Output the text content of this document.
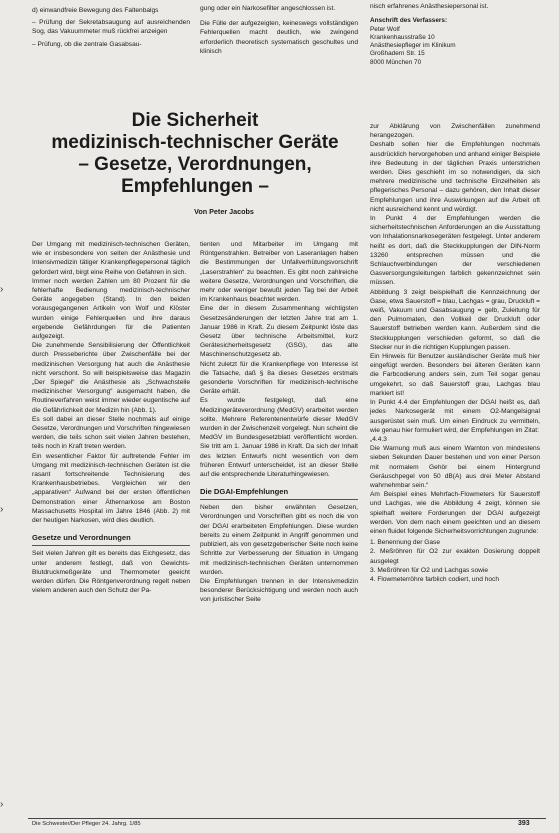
d) einwandfreie Bewegung des Faltenbalgs

– Prüfung der Sekretabsaugung auf ausreichenden Sog, das Vakuummeter muß rückfrei anzeigen

– Prüfung, ob die zentrale Gasabsau-

gung oder ein Narkosefilter angeschlossen ist.

Die Fülle der aufgezeigten, keineswegs vollständigen Fehlerquellen macht deutlich, wie zwingend erforderlich theoretisch systematisch geschultes und klinisch

nisch erfahrenes Anästhesiepersonal ist.

Anschrift des Verfassers:
Peter Wolf
Krankenhausstraße 10
Anästhesiepfleger im Klinikum
Großhadern Str. 15
8000 München 70
Die Sicherheit
medizinisch-technischer Geräte
– Gesetze, Verordnungen,
Empfehlungen –
Von Peter Jacobs

Der Umgang mit medizinisch-technischen Geräten, wie er insbesondere von seiten der Anästhesie und Intensivmedizin tätiger Krankenpflegepersonal täglich gefordert wird, birgt eine Reihe von Gefahren in sich.

Immer noch werden Zahlen um 80 Prozent für die fehlerhafte Bedienung medizinisch-technischer Geräte angegeben (Stand). In den beiden vorausgegangenen Artikeln von Wolf und Klöster wurden einige Fehlerquellen und ihre daraus ergebende Gefährdungen für die Patienten aufgezeigt.

Die zunehmende Sensibilisierung der Öffentlichkeit durch Presseberichte über Zwischenfälle bei der medizinischen Versorgung hat auch die Anästhesie nicht verschont. So will beispielsweise das Magazin „Der Spiegel“ die Anästhesie als „Schwachstelle medizinischer Versorgung“ ausgemacht haben, die Routineverfahren weist immer wieder eugentische auf die Gefährlichkeit der Medizin hin (Abb. 1).

Es soll dabei an dieser Stelle nochmals auf einige Gesetze, Verordnungen und Vorschriften hingewiesen werden, die teils schon seit vielen Jahren bestehen, teils noch in Kraft treten werden.

Ein wesentlicher Faktor für auftretende Fehler im Umgang mit medizinisch-technischen Geräten ist die rasant fortschreitende Technisierung des Krankenhausbetriebes. Vergleichen wir den „apparativen“ Aufwand bei der ersten öffentlichen Demonstration einer Äthernarkose am Boston Massachusetts Hospital im Jahre 1846 (Abb. 2) mit der heutigen Narkosen, wird dies deutlich.

Gesetze und Verordnungen

Seit vielen Jahren gilt es bereits das Eichgesetz, das unter anderem festlegt, daß von Gewichts- Blutdruckmeßgeräte und Thermometer geeicht werden dürfen. Die Röntgenverordnung regelt neben vielem anderen auch den Schutz der Pa-

tienten und Mitarbeiter im Umgang mit Röntgenstrahlen. Betreiber von Laseranlagen haben die Bestimmungen der Unfallverhütungsvorschrift „Laserstrahlen“ zu beachten. Es gibt noch zahlreiche weitere Gesetze, Verordnungen und Vorschriften, die mehr oder weniger bewußt jeden Tag bei der Arbeit im Krankenhaus beachtet werden.

Eine der in diesem Zusammenhang wichtigsten Gesetzesänderungen der letzten Jahre trat am 1. Januar 1986 in Kraft. Zu diesem Zeitpunkt löste das Gesetz über technische Arbeitsmittel, kurz Gerätesicherheitsgesetz (GSG), das alte Maschinenschutzgesetz ab.

Nicht zuletzt für die Krankenpflege von Interesse ist die Tatsache, daß § 8a dieses Gesetzes erstmals gesonderte Vorschriften für medizinisch-technische Geräte erhält.

Es wurde festgelegt, daß eine Medizingeräteverordnung (MedGV) erarbeitet werden sollte. Mehrere Referentenentwürfe dieser MedGV wurden in der Zwischenzeit vorgelegt. Nun scheint die MedGV im Bundesgesetzblatt veröffentlicht worden. Sie tritt am 1. Januar 1986 in Kraft. Da sich der Inhalt des letzten Entwurfs nicht wesentlich von dem früheren Entwurf unterscheidet, ist an dieser Stelle auf die entsprechende Literaturhingewiesen.

Die DGAI-Empfehlungen

Neben den bisher erwähnten Gesetzen, Verordnungen und Vorschriften gibt es noch die von der DGAI erarbeiteten Empfehlungen. Diese wurden bereits zu einem Zeitpunkt in Angriff genommen und publiziert, als von gesetzgeberischer Seite noch keine Schritte zur Verbesserung der Situation in Umgang mit medizinisch-technischen Geräten unternommen wurden.

Die Empfehlungen trennen in der Intensivmedizin besonderer Berücksichtigung und werden noch auch von juristischer Seite

zur Abklärung von Zwischenfällen zunehmend herangezogen.

Deshalb sollen hier die Empfehlungen nochmals ausdrücklich hervorgehoben und anhand einiger Beispiele ihre Bedeutung in der täglichen Praxis unterstrichen werden. Dies geschieht im so notwendigen, da sich mehrere medizinische und technische Einzelheiten als pflegerisches Personal – dazu gehören, den Inhalt dieser Empfehlungen und ihre Auswirkungen auf die Arbeit oft nicht ausreichend kennt und würdigt.

In Punkt 4 der Empfehlungen werden die sicherheitstechnischen Anforderungen an die Ausstattung von Inhalationsnarkosegeräten festgelegt. Unter anderem heißt es dort, daß die Steckkupplungen der DIN-Norm 13260 entsprechen müssen und die Schlauchverbindungen der verschiedenen Gasversorgungsleitungen farblich gekennzeichnet sein müssen.

Abbildung 3 zeigt beispielhaft die Kennzeichnung der Gase, etwa Sauerstoff = blau, Lachgas = grau, Druckluft = weiß, Vakuum und Gasabsaugung = gelb, Zuleitung für den Pulmomaten, den Vollkeil der Druckluft oder Sauerstoff betrieben werden kann. Außerdem sind die Steckkupplungen verschieden geformt, so daß die Stecker nur in die richtigen Kupplungen passen.

Ein Hinweis für Benutzer ausländischer Geräte muß hier eingefügt werden. Besonders bei älteren Geräten kann die Farbcodierung anders sein, zum Teil sogar genau umgekehrt, so daß Sauerstoff grau, Lachgas blau markiert ist!

In Punkt 4.4 der Empfehlungen der DGAI heißt es, daß jedes Narkosegerät mit einem O2-Mangelsignal ausgerüstet sein muß. Um einen Eindruck zu vermitteln, wie genau hier formuliert wird, der Empfehlungen im Zitat:

„4.4.3

Die Warnung muß aus einem Warnton von mindestens sieben Sekunden Dauer bestehen und von einer Person mit normalem Gehör bei einem Hintergrund Geräuschpegel von 50 dB(A) aus drei Meter Abstand wahrnehmbar sein.“

Am Beispiel eines Mehrfach-Flowmeters für Sauerstoff und Lachgas, wie die Abbildung 4 zeigt, können sie spielhaft weitere Forderungen der DGAI aufgezeigt werden. Von dem nach einem geeichten und an diesem einen fluidet folgende Sicherheitsvorrichtungen zugrunde:

1. Benennung der Gase

2. Meßröhren für O2 zur exakten Dosierung doppelt ausgelegt

3. Meßröhren für O2 und Lachgas sowie

4. Flowmeterröhre farblich codiert, und hoch

›
›
›
Die Schwester/Der Pfleger 24. Jahrg. 1/85	393
